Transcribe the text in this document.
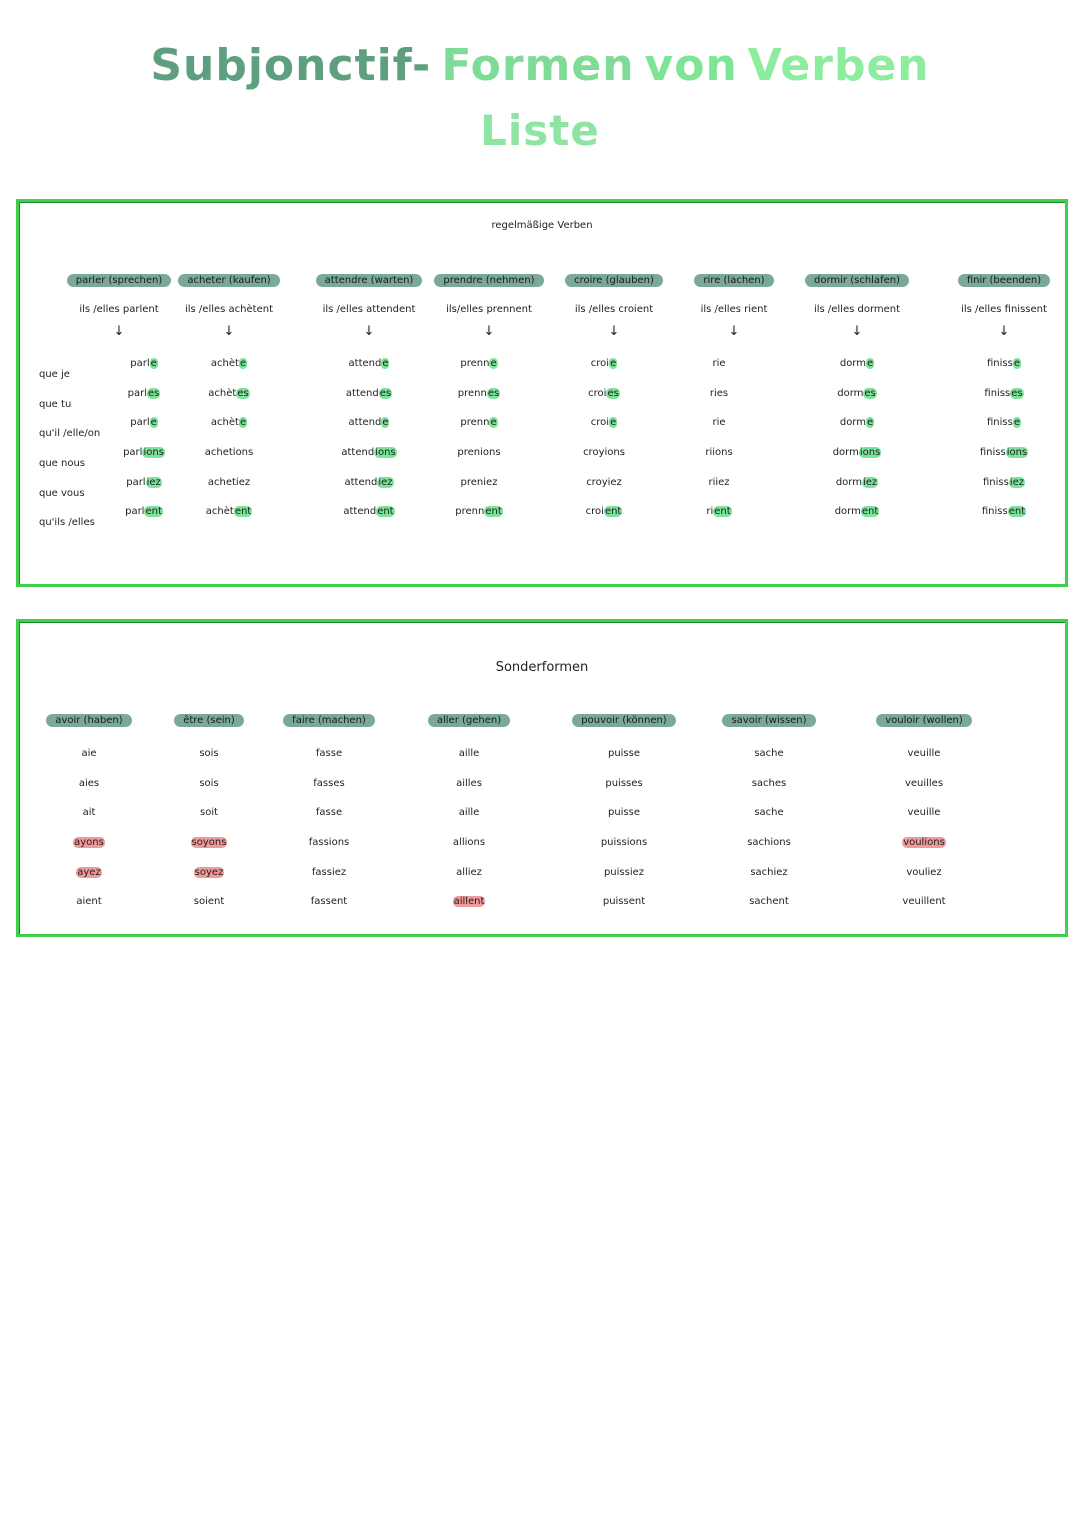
Subjonctif- Formen von Verben
Liste
regelmäßige Verben
que je
que tu
qu'il /elle/on
que nous
que vous
qu'ils /elles
parler (sprechen)
ils /elles parlent
↓
parle
parles
parle
parlions
parliez
parlent
acheter (kaufen)
ils /elles achètent
↓
achète
achètes
achète
achetions
achetiez
achètent
attendre (warten)
ils /elles attendent
↓
attende
attendes
attende
attendions
attendiez
attendent
prendre (nehmen)
ils/elles prennent
↓
prenne
prennes
prenne
prenions
preniez
prennent
croire (glauben)
ils /elles croient
↓
croie
croies
croie
croyions
croyiez
croient
rire (lachen)
ils /elles rient
↓
rie
ries
rie
riions
riiez
rient
dormir (schlafen)
ils /elles dorment
↓
dorme
dormes
dorme
dormions
dormiez
dorment
finir (beenden)
ils /elles finissent
↓
finisse
finisses
finisse
finissions
finissiez
finissent
Sonderformen
avoir (haben)
aie
aies
ait
ayons
ayez
aient
être (sein)
sois
sois
soit
soyons
soyez
soient
faire (machen)
fasse
fasses
fasse
fassions
fassiez
fassent
aller (gehen)
aille
ailles
aille
allions
alliez
aillent
pouvoir (können)
puisse
puisses
puisse
puissions
puissiez
puissent
savoir (wissen)
sache
saches
sache
sachions
sachiez
sachent
vouloir (wollen)
veuille
veuilles
veuille
voulions
vouliez
veuillent
